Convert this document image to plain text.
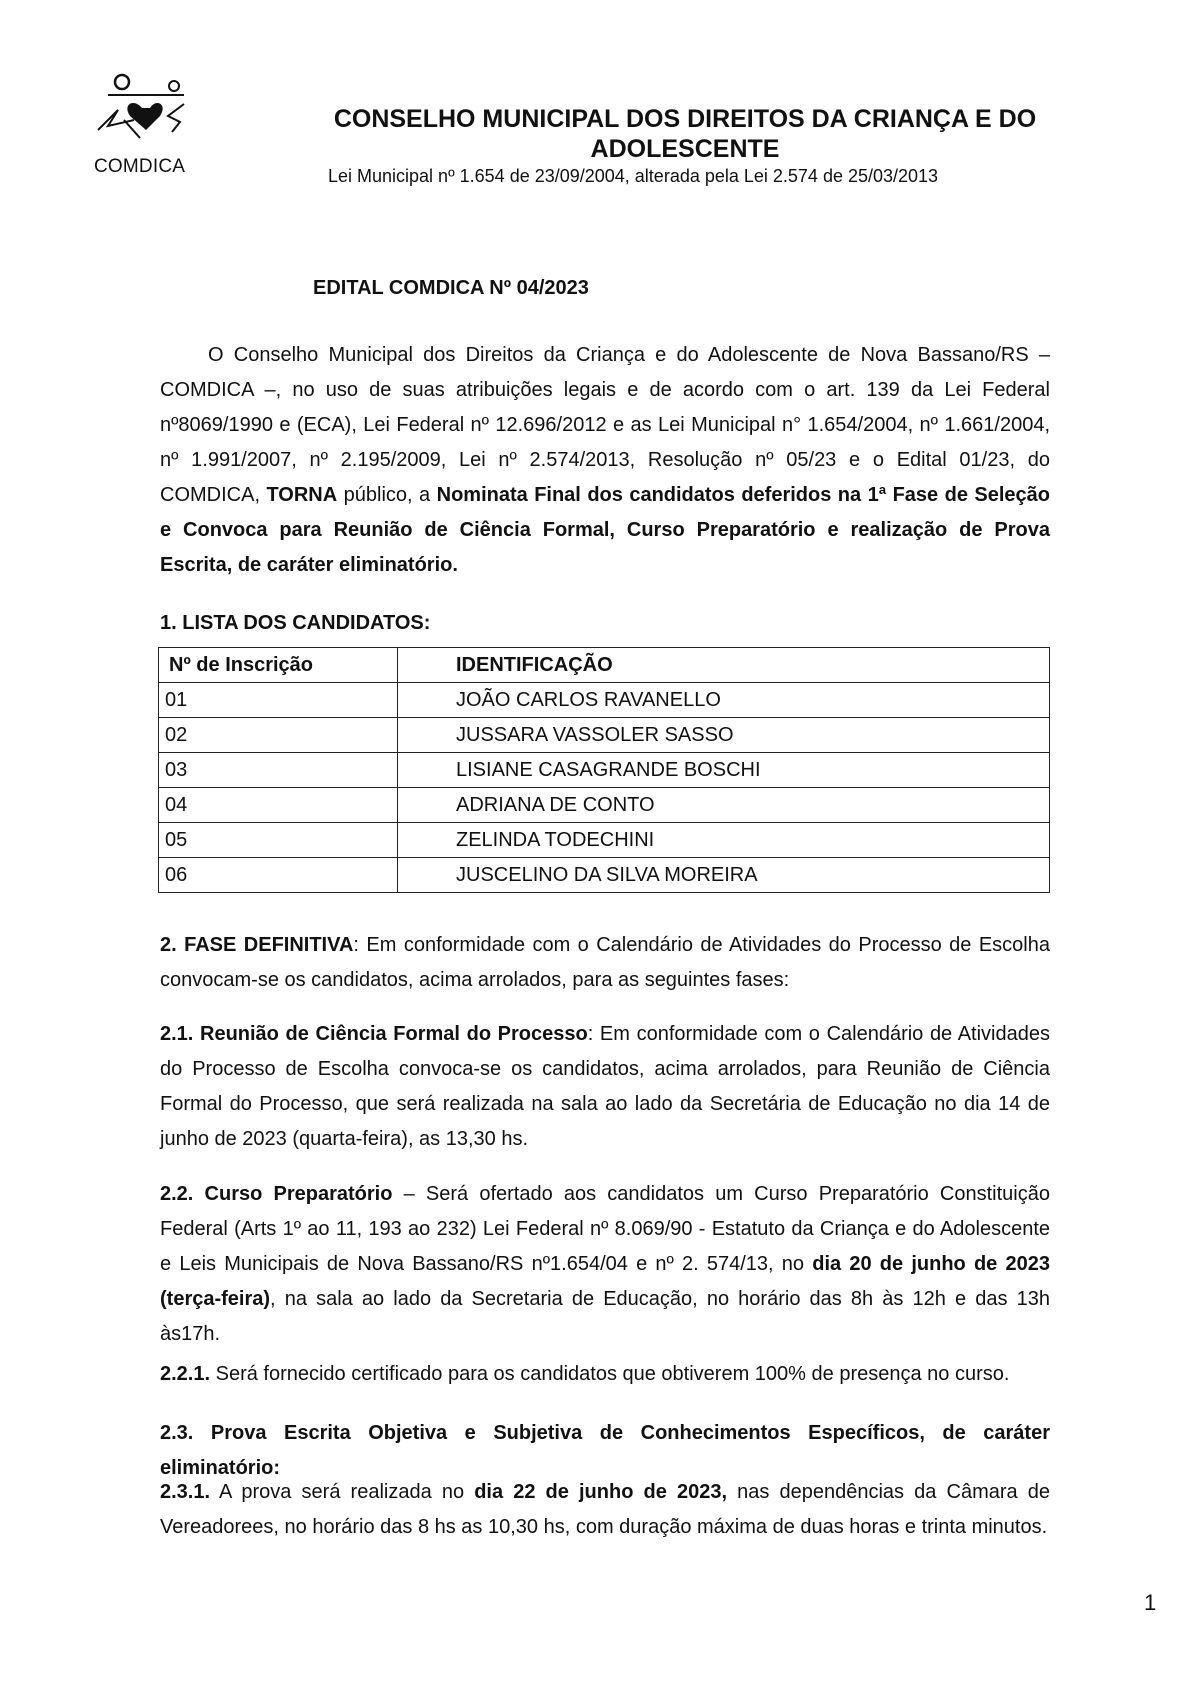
COMDICA
CONSELHO MUNICIPAL DOS DIREITOS DA CRIANÇA E DO ADOLESCENTE
Lei Municipal nº 1.654 de 23/09/2004, alterada pela Lei 2.574 de 25/03/2013
EDITAL COMDICA Nº 04/2023
O Conselho Municipal dos Direitos da Criança e do Adolescente de Nova Bassano/RS – COMDICA –, no uso de suas atribuições legais e de acordo com o art. 139 da Lei Federal nº8069/1990 e (ECA), Lei Federal nº 12.696/2012 e as Lei Municipal n° 1.654/2004, nº 1.661/2004, nº 1.991/2007, nº 2.195/2009, Lei nº 2.574/2013, Resolução nº 05/23 e o Edital 01/23, do COMDICA, TORNA público, a Nominata Final dos candidatos deferidos na 1ª Fase de Seleção e Convoca para Reunião de Ciência Formal, Curso Preparatório e realização de Prova Escrita, de caráter eliminatório.
1. LISTA DOS CANDIDATOS:
Nº de Inscrição	IDENTIFICAÇÃO
01	JOÃO CARLOS RAVANELLO
02	JUSSARA VASSOLER SASSO
03	LISIANE CASAGRANDE BOSCHI
04	ADRIANA DE CONTO
05	ZELINDA TODECHINI
06	JUSCELINO DA SILVA MOREIRA
2. FASE DEFINITIVA: Em conformidade com o Calendário de Atividades do Processo de Escolha convocam-se os candidatos, acima arrolados, para as seguintes fases:
2.1. Reunião de Ciência Formal do Processo: Em conformidade com o Calendário de Atividades do Processo de Escolha convoca-se os candidatos, acima arrolados, para Reunião de Ciência Formal do Processo, que será realizada na sala ao lado da Secretária de Educação no dia 14 de junho de 2023 (quarta-feira), as 13,30 hs.
2.2. Curso Preparatório – Será ofertado aos candidatos um Curso Preparatório Constituição Federal (Arts 1º ao 11, 193 ao 232) Lei Federal nº 8.069/90 - Estatuto da Criança e do Adolescente e Leis Municipais de Nova Bassano/RS nº1.654/04 e nº 2. 574/13, no dia 20 de junho de 2023 (terça-feira), na sala ao lado da Secretaria de Educação, no horário das 8h às 12h e das 13h às17h.
2.2.1. Será fornecido certificado para os candidatos que obtiverem 100% de presença no curso.
2.3. Prova Escrita Objetiva e Subjetiva de Conhecimentos Específicos, de caráter eliminatório:
2.3.1. A prova será realizada no dia 22 de junho de 2023, nas dependências da Câmara de Vereadorees, no horário das 8 hs as 10,30 hs, com duração máxima de duas horas e trinta minutos.
1
